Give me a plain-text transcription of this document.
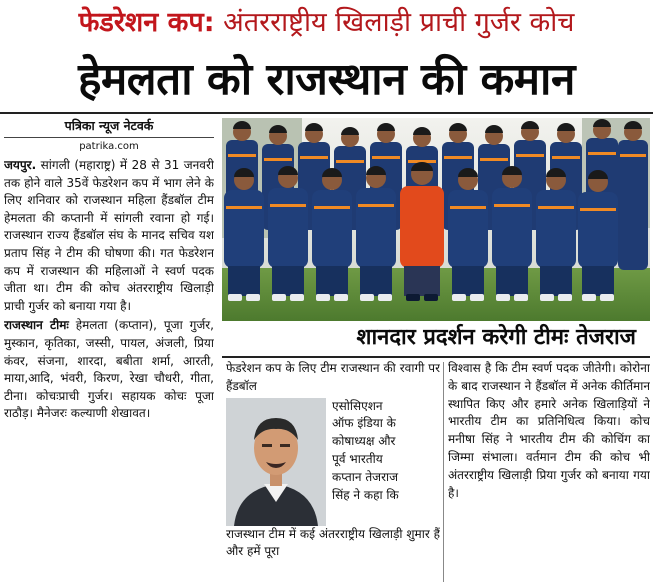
फेडरेशन कप: अंतरराष्ट्रीय खिलाड़ी प्राची गुर्जर कोच
हेमलता को राजस्थान की कमान
पत्रिका न्यूज नेटवर्क
patrika.com

जयपुर. सांगली (महाराष्ट्र) में 28 से 31 जनवरी तक होने वाले 35वें फेडरेशन कप में भाग लेने के लिए शनिवार को राजस्थान महिला हैंडबॉल टीम हेमलता की कप्तानी में सांगली रवाना हो गई। राजस्थान राज्य हैंडबॉल संघ के मानद सचिव यश प्रताप सिंह ने टीम की घोषणा की। गत फेडरेशन कप में राजस्थान की महिलाओं ने स्वर्ण पदक जीता था। टीम की कोच अंतरराष्ट्रीय खिलाड़ी प्राची गुर्जर को बनाया गया है।

राजस्थान टीमः हेमलता (कप्तान), पूजा गुर्जर, मुस्कान, कृतिका, जस्सी, पायल, अंजली, प्रिया कंवर, संजना, शारदा, बबीता शर्मा, आरती, माया,आदि, भंवरी, किरण, रेखा चौधरी, गीता, टीना। कोचःप्राची गुर्जर। सहायक कोचः पूजा राठौड़। मैनेजरः कल्याणी शेखावत।

शानदार प्रदर्शन करेगी टीमः तेजराज

फेडरेशन कप के लिए टीम राजस्थान की रवागी पर हैंडबॉल

एसोसिएशन
ऑफ इंडिया के
कोषाध्यक्ष और
पूर्व भारतीय
कप्तान तेजराज
सिंह ने कहा कि

राजस्थान टीम में कई अंतरराष्ट्रीय खिलाड़ी शुमार हैं और हमें पूरा

विश्वास है कि टीम स्वर्ण पदक जीतेगी। कोरोना के बाद राजस्थान ने हैंडबॉल में अनेक कीर्तिमान स्थापित किए और हमारे अनेक खिलाड़ियों ने भारतीय टीम का प्रतिनिधित्व किया। कोच मनीषा सिंह ने भारतीय टीम की कोचिंग का जिम्मा संभाला। वर्तमान टीम की कोच भी अंतरराष्ट्रीय खिलाड़ी प्रिया गुर्जर को बनाया गया है।
